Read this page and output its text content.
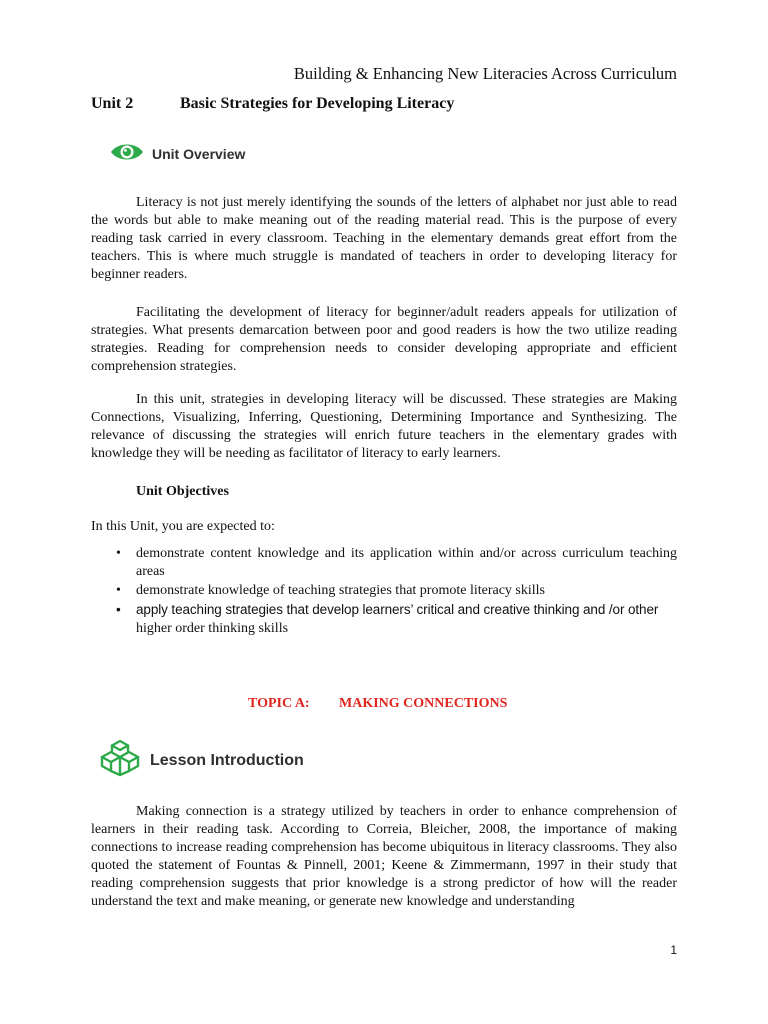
Building & Enhancing New Literacies Across Curriculum
Unit 2	Basic Strategies for Developing Literacy
Unit Overview

Literacy is not just merely identifying the sounds of the letters of alphabet nor just able to read the words but able to make meaning out of the reading material read. This is the purpose of every reading task carried in every classroom. Teaching in the elementary demands great effort from the teachers. This is where much struggle is mandated of teachers in order to developing literacy for beginner readers.

Facilitating the development of literacy for beginner/adult readers appeals for utilization of strategies. What presents demarcation between poor and good readers is how the two utilize reading strategies. Reading for comprehension needs to consider developing appropriate and efficient comprehension strategies.

In this unit, strategies in developing literacy will be discussed. These strategies are Making Connections, Visualizing, Inferring, Questioning, Determining Importance and Synthesizing. The relevance of discussing the strategies will enrich future teachers in the elementary grades with knowledge they will be needing as facilitator of literacy to early learners.

Unit Objectives
In this Unit, you are expected to:
• demonstrate content knowledge and its application within and/or across curriculum teaching areas
• demonstrate knowledge of teaching strategies that promote literacy skills
• apply teaching strategies that develop learners’ critical and creative thinking and /or other
higher order thinking skills
TOPIC A: MAKING CONNECTIONS
Lesson Introduction

Making connection is a strategy utilized by teachers in order to enhance comprehension of learners in their reading task. According to Correia, Bleicher, 2008, the importance of making connections to increase reading comprehension has become ubiquitous in literacy classrooms. They also quoted the statement of Fountas & Pinnell, 2001; Keene & Zimmermann, 1997 in their study that reading comprehension suggests that prior knowledge is a strong predictor of how will the reader understand the text and make meaning, or generate new knowledge and understanding

1
